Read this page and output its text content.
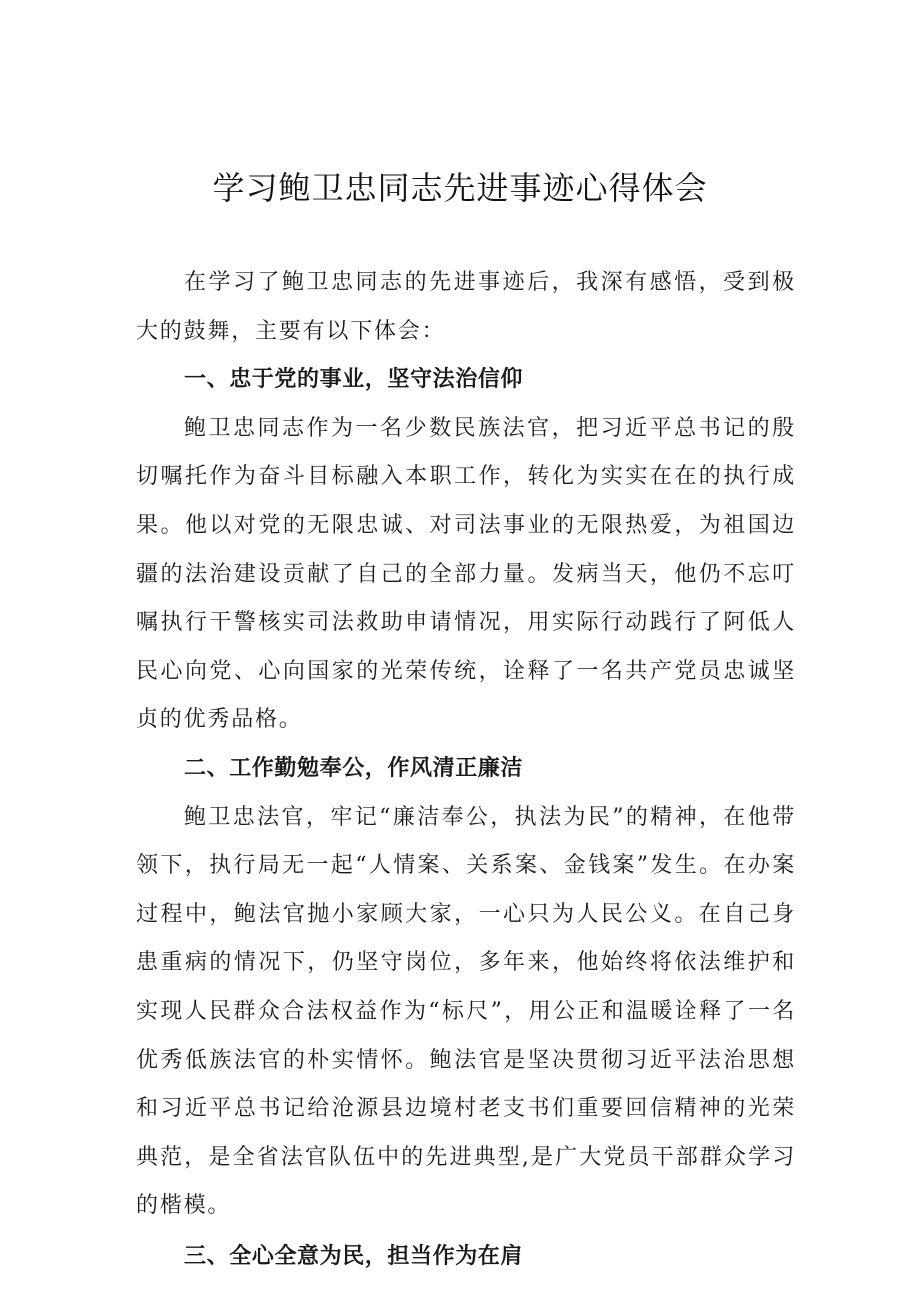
学习鲍卫忠同志先进事迹心得体会

在学习了鲍卫忠同志的先进事迹后，我深有感悟，受到极大的鼓舞，主要有以下体会：

一、忠于党的事业，坚守法治信仰

鲍卫忠同志作为一名少数民族法官，把习近平总书记的殷切嘱托作为奋斗目标融入本职工作，转化为实实在在的执行成果。他以对党的无限忠诚、对司法事业的无限热爱，为祖国边疆的法治建设贡献了自己的全部力量。发病当天，他仍不忘叮嘱执行干警核实司法救助申请情况，用实际行动践行了阿低人民心向党、心向国家的光荣传统，诠释了一名共产党员忠诚坚贞的优秀品格。

二、工作勤勉奉公，作风清正廉洁

鲍卫忠法官，牢记“廉洁奉公，执法为民”的精神，在他带领下，执行局无一起“人情案、关系案、金钱案”发生。在办案过程中，鲍法官抛小家顾大家，一心只为人民公义。在自己身患重病的情况下，仍坚守岗位，多年来，他始终将依法维护和实现人民群众合法权益作为“标尺”，用公正和温暖诠释了一名优秀低族法官的朴实情怀。鲍法官是坚决贯彻习近平法治思想和习近平总书记给沧源县边境村老支书们重要回信精神的光荣典范，是全省法官队伍中的先进典型,是广大党员干部群众学习的楷模。

三、全心全意为民，担当作为在肩
